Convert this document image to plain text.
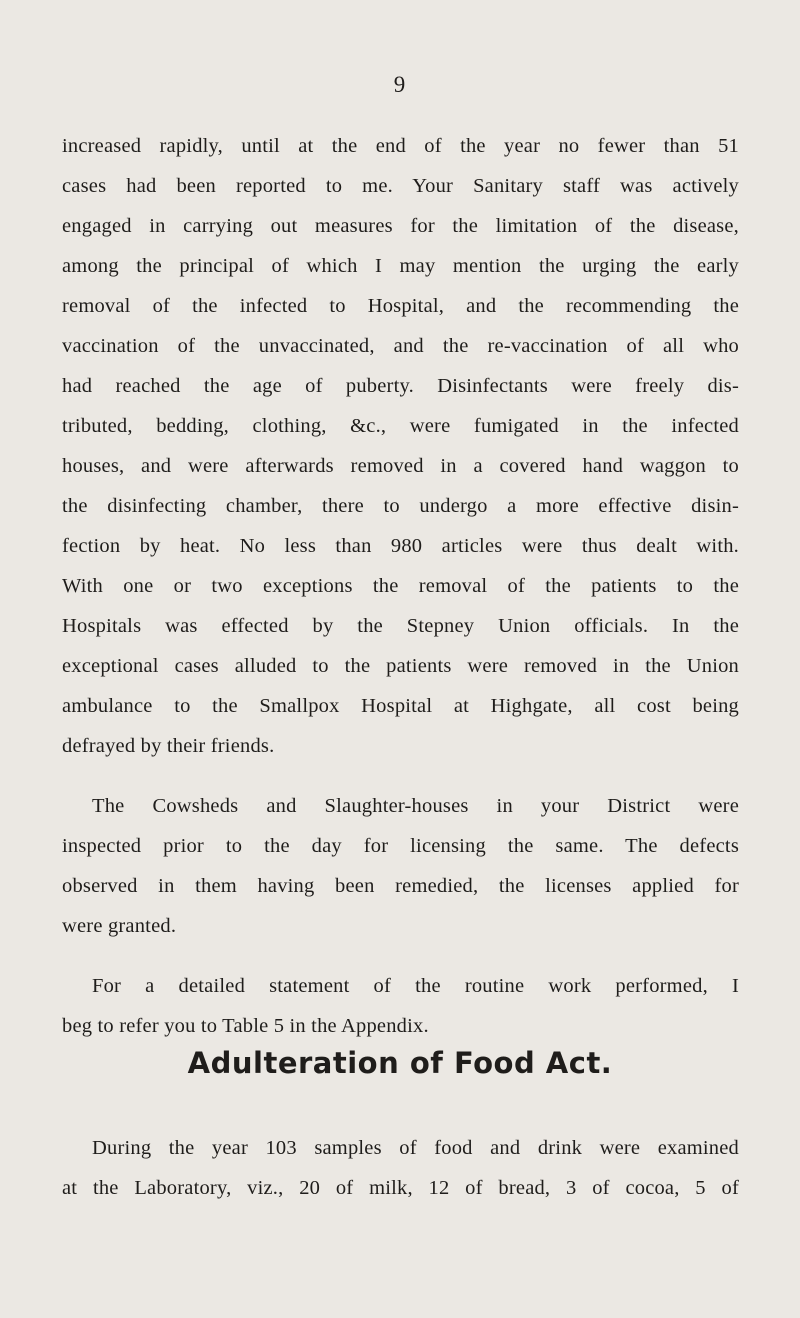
9
increased rapidly, until at the end of the year no fewer than 51
cases had been reported to me. Your Sanitary staff was actively
engaged in carrying out measures for the limitation of the disease,
among the principal of which I may mention the urging the early
removal of the infected to Hospital, and the recommending the
vaccination of the unvaccinated, and the re-vaccination of all who
had reached the age of puberty. Disinfectants were freely dis-
tributed, bedding, clothing, &c., were fumigated in the infected
houses, and were afterwards removed in a covered hand waggon to
the disinfecting chamber, there to undergo a more effective disin-
fection by heat. No less than 980 articles were thus dealt with.
With one or two exceptions the removal of the patients to the
Hospitals was effected by the Stepney Union officials. In the
exceptional cases alluded to the patients were removed in the Union
ambulance to the Smallpox Hospital at Highgate, all cost being
defrayed by their friends.
The Cowsheds and Slaughter-houses in your District were
inspected prior to the day for licensing the same. The defects
observed in them having been remedied, the licenses applied for
were granted.
For a detailed statement of the routine work performed, I
beg to refer you to Table 5 in the Appendix.
Adulteration of Food Act.
During the year 103 samples of food and drink were examined
at the Laboratory, viz., 20 of milk, 12 of bread, 3 of cocoa, 5 of
